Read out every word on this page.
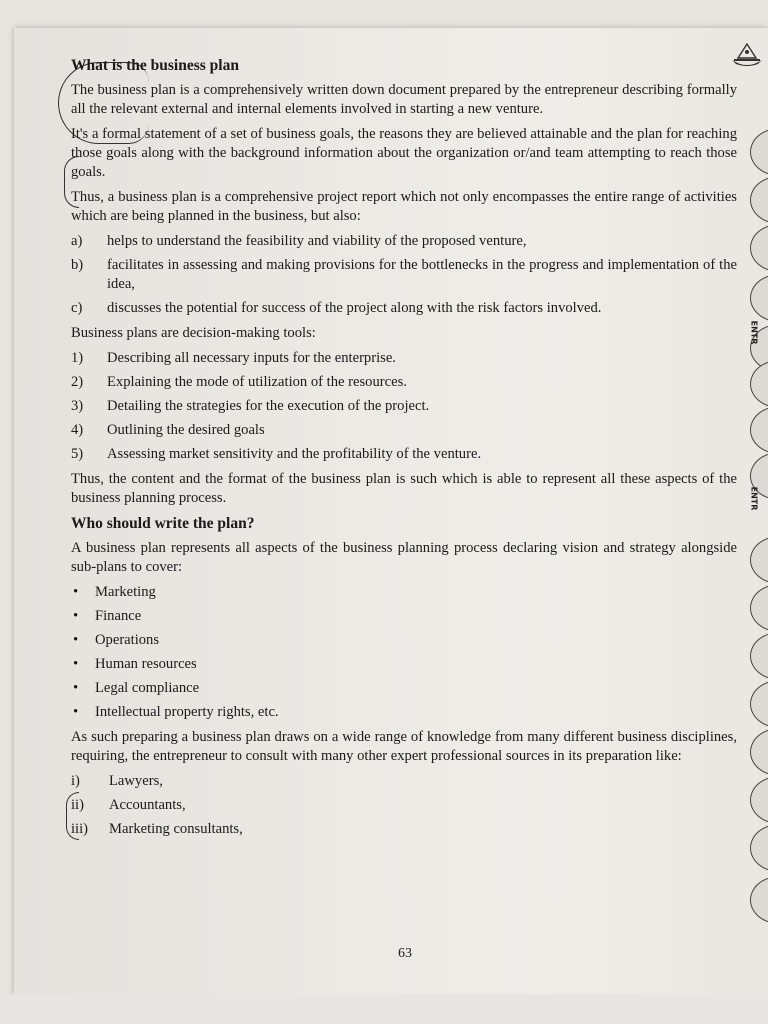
ENTR
ENTR
What is the business plan

The business plan is a comprehensively written down document prepared by the entrepreneur describing formally all the relevant external and internal elements involved in starting a new venture.

It's a formal statement of a set of business goals, the reasons they are believed attainable and the plan for reaching those goals along with the background information about the organization or/and team attempting to reach those goals.

Thus, a business plan is a comprehensive project report which not only encompasses the entire range of activities which are being planned in the business, but also:

a) helps to understand the feasibility and viability of the proposed venture,
b) facilitates in assessing and making provisions for the bottlenecks in the progress and implementation of the idea,
c) discusses the potential for success of the project along with the risk factors involved.

Business plans are decision-making tools:

1) Describing all necessary inputs for the enterprise.
2) Explaining the mode of utilization of the resources.
3) Detailing the strategies for the execution of the project.
4) Outlining the desired goals
5) Assessing market sensitivity and the profitability of the venture.

Thus, the content and the format of the business plan is such which is able to represent all these aspects of the business planning process.

Who should write the plan?

A business plan represents all aspects of the business planning process declaring vision and strategy alongside sub-plans to cover:

• Marketing
• Finance
• Operations
• Human resources
• Legal compliance
• Intellectual property rights, etc.

As such preparing a business plan draws on a wide range of knowledge from many different business disciplines, requiring, the entrepreneur to consult with many other expert professional sources in its preparation like:

i) Lawyers,
ii) Accountants,
iii) Marketing consultants,
63
